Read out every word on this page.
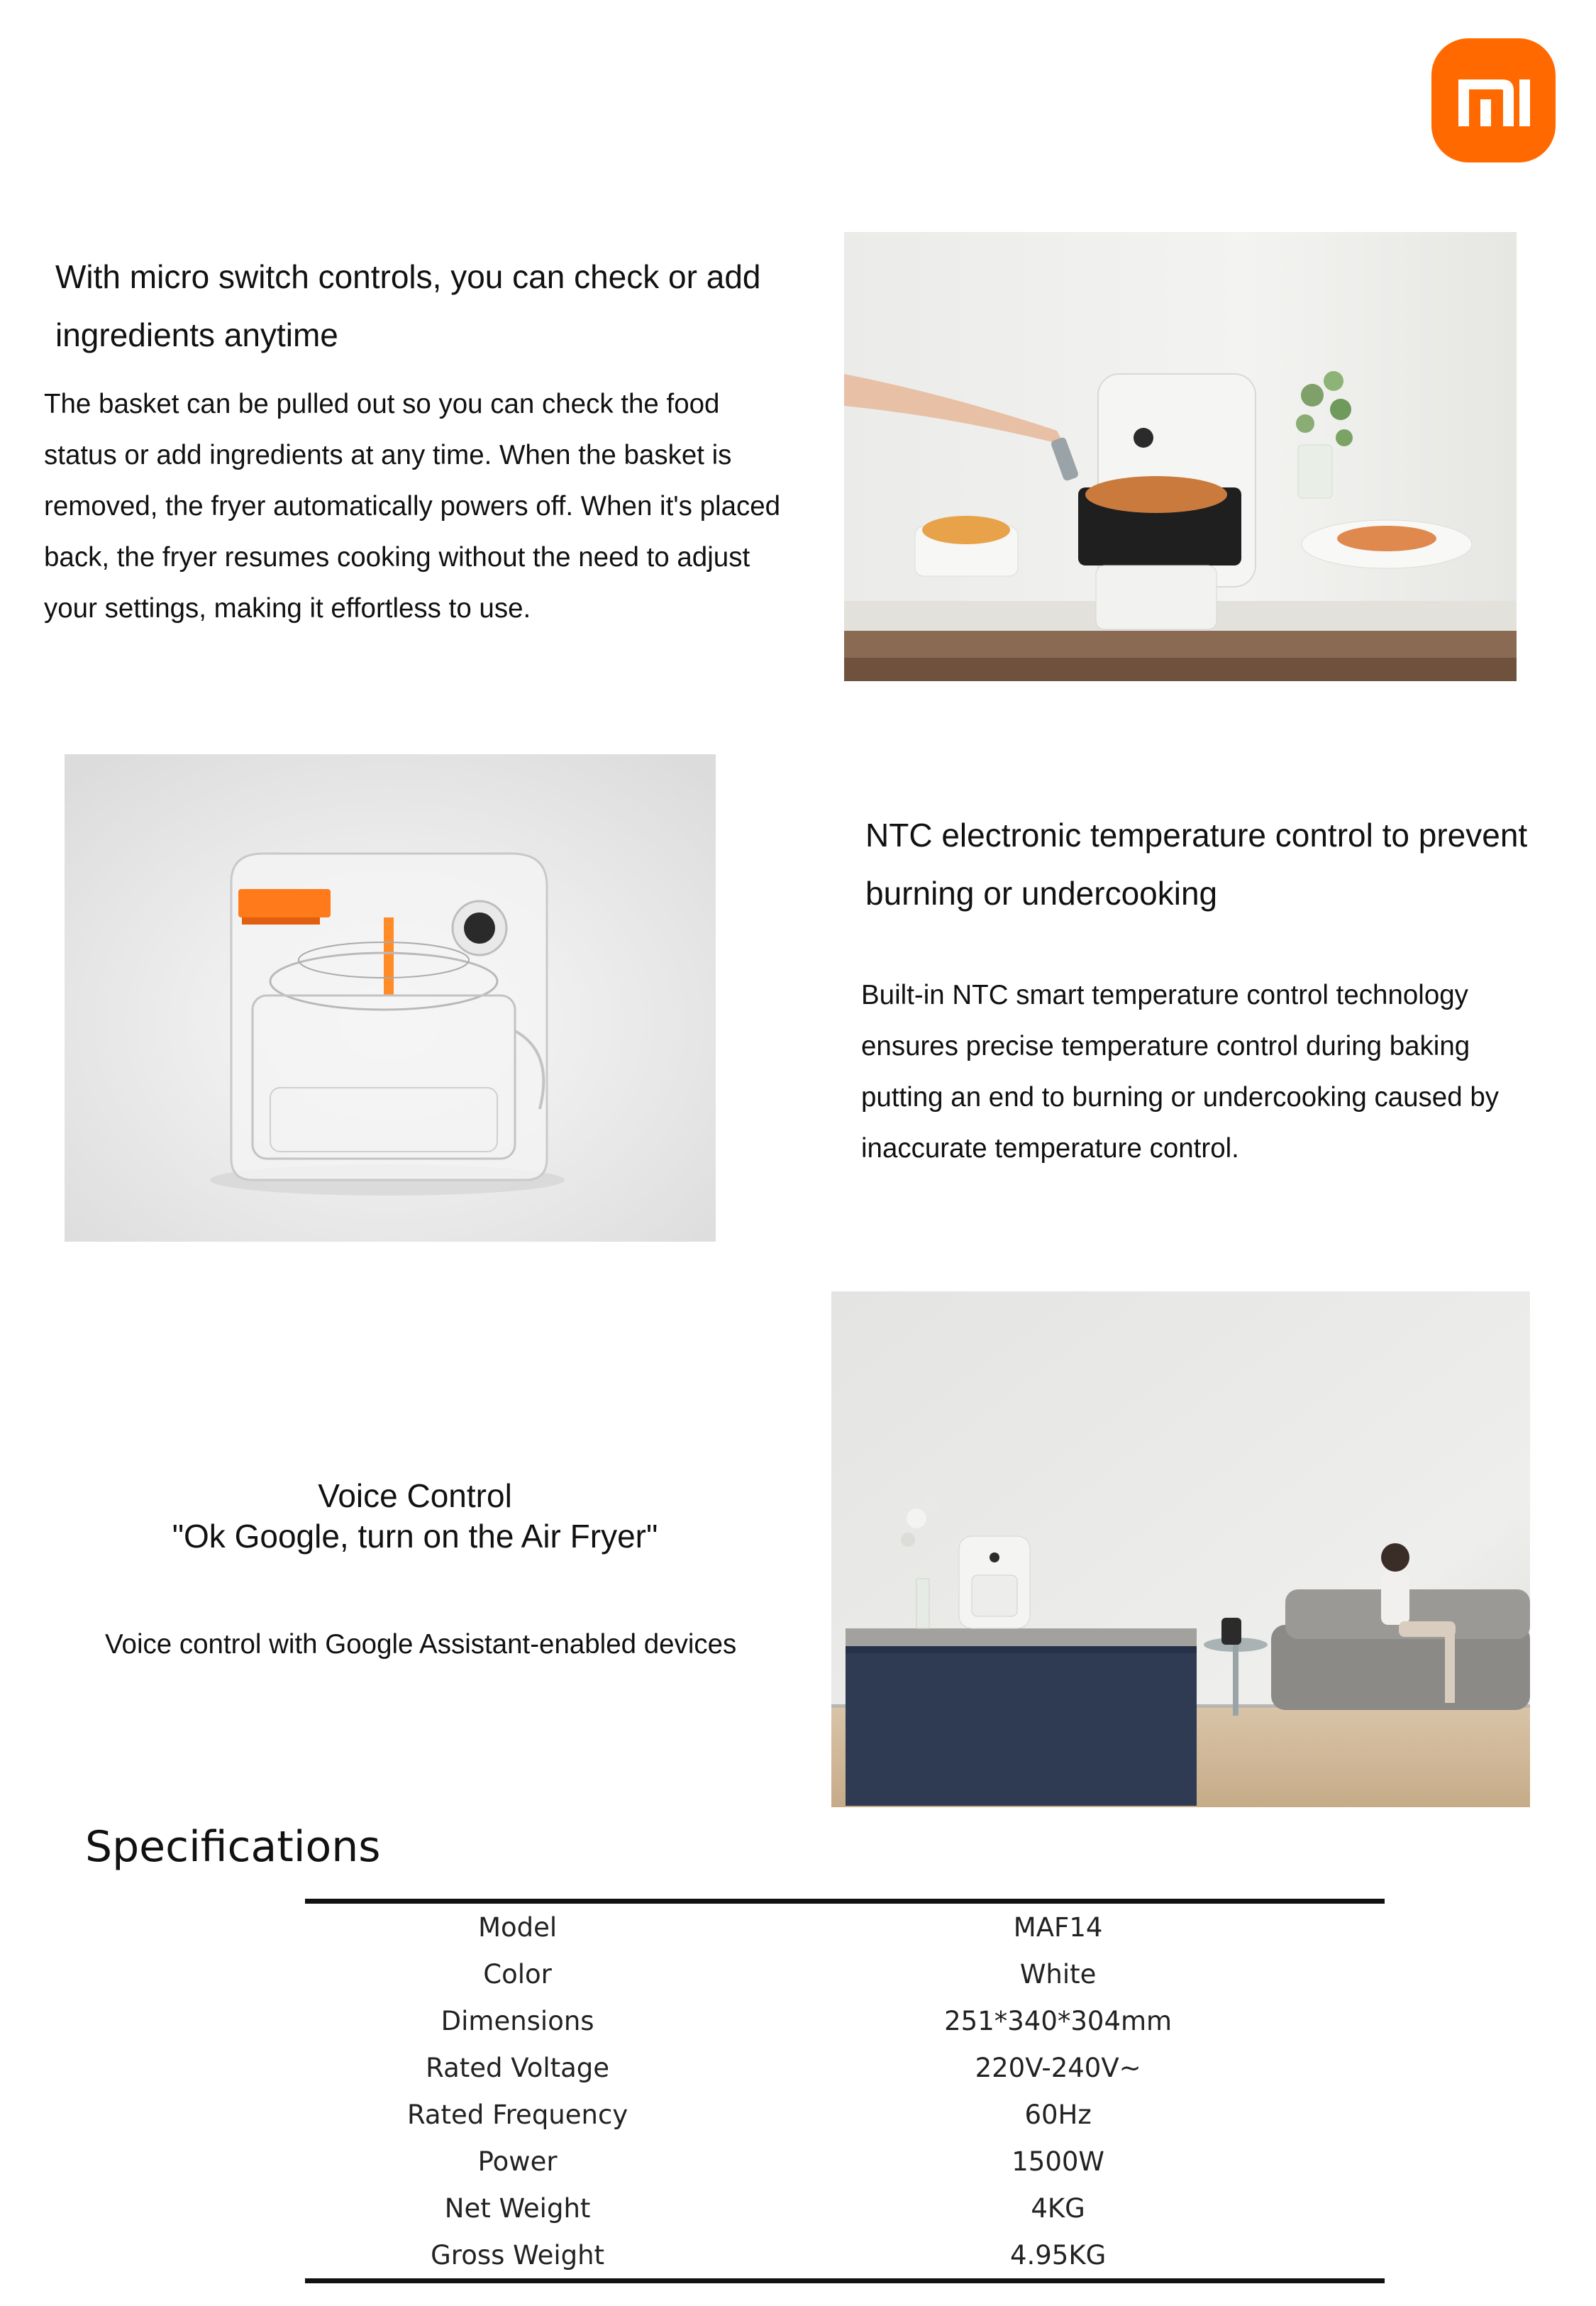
With micro switch controls, you can check or add ingredients anytime
The basket can be pulled out so you can check the food status or add ingredients at any time. When the basket is removed, the fryer automatically powers off. When it's placed back, the fryer resumes cooking without the need to adjust your settings, making it effortless to use.
NTC electronic temperature control to prevent burning or undercooking
Built-in NTC smart temperature control technology ensures precise temperature control during baking putting an end to burning or undercooking caused by inaccurate temperature control.
Voice Control
"Ok Google, turn on the Air Fryer"
Voice control with Google Assistant-enabled devices
Specifications
Model	MAF14
Color	White
Dimensions	251*340*304mm
Rated Voltage	220V-240V~
Rated Frequency	60Hz
Power	1500W
Net Weight	4KG
Gross Weight	4.95KG
